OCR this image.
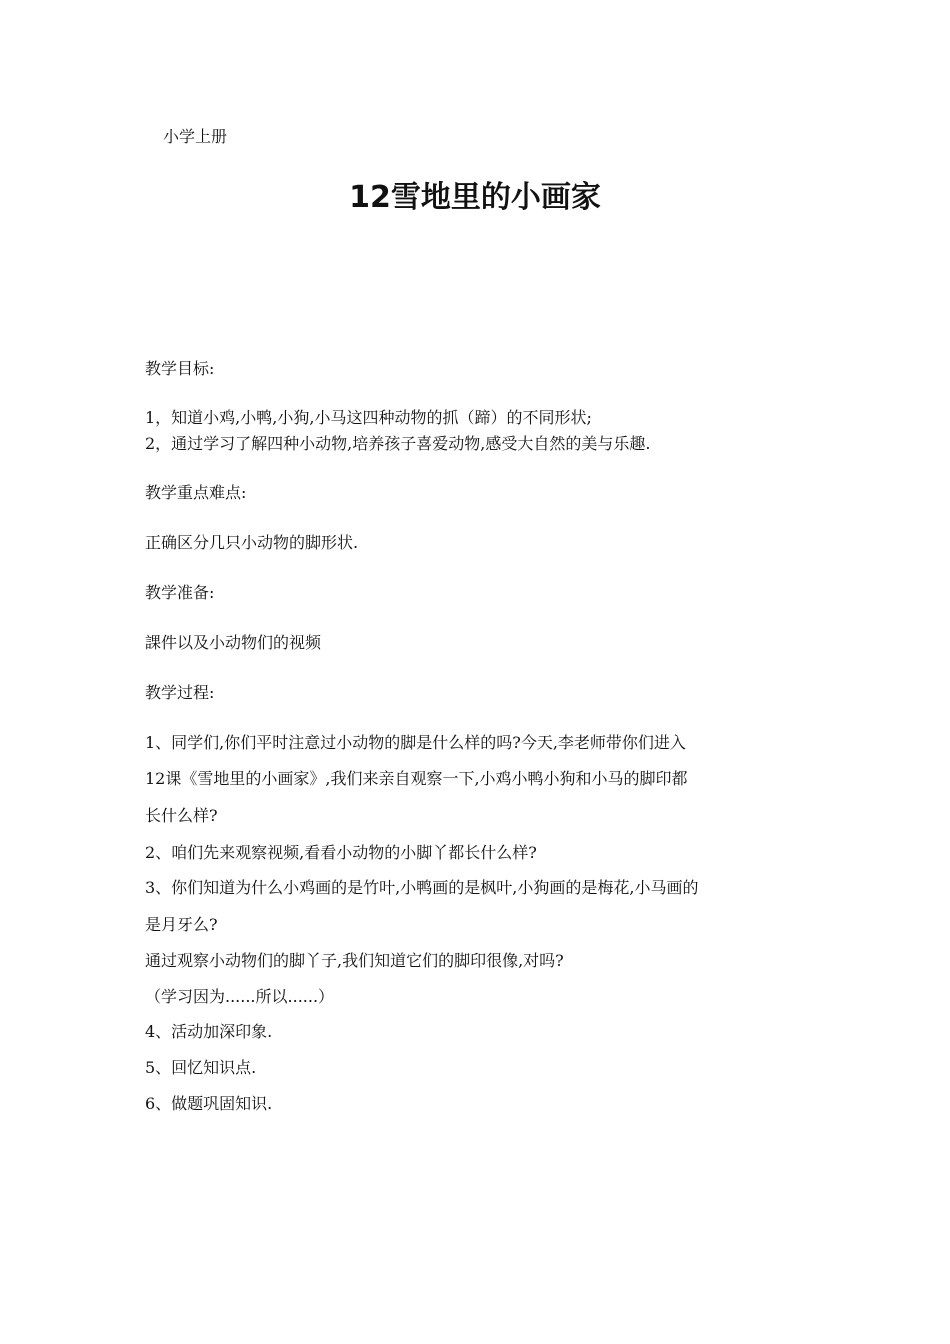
小学上册
12雪地里的小画家
教学目标:
1，知道小鸡,小鸭,小狗,小马这四种动物的抓（蹄）的不同形状;
2，通过学习了解四种小动物,培养孩子喜爱动物,感受大自然的美与乐趣.
教学重点难点:
正确区分几只小动物的脚形状.
教学准备:
課件以及小动物们的视频
教学过程:
1、同学们,你们平时注意过小动物的脚是什么样的吗?今天,李老师带你们进入
12课《雪地里的小画家》,我们来亲自观察一下,小鸡小鸭小狗和小马的脚印都
长什么样?
2、咱们先来观察视频,看看小动物的小脚丫都长什么样?
3、你们知道为什么小鸡画的是竹叶,小鸭画的是枫叶,小狗画的是梅花,小马画的
是月牙么?
通过观察小动物们的脚丫子,我们知道它们的脚印很像,对吗?
（学习因为......所以......）
4、活动加深印象.
5、回忆知识点.
6、做题巩固知识.
